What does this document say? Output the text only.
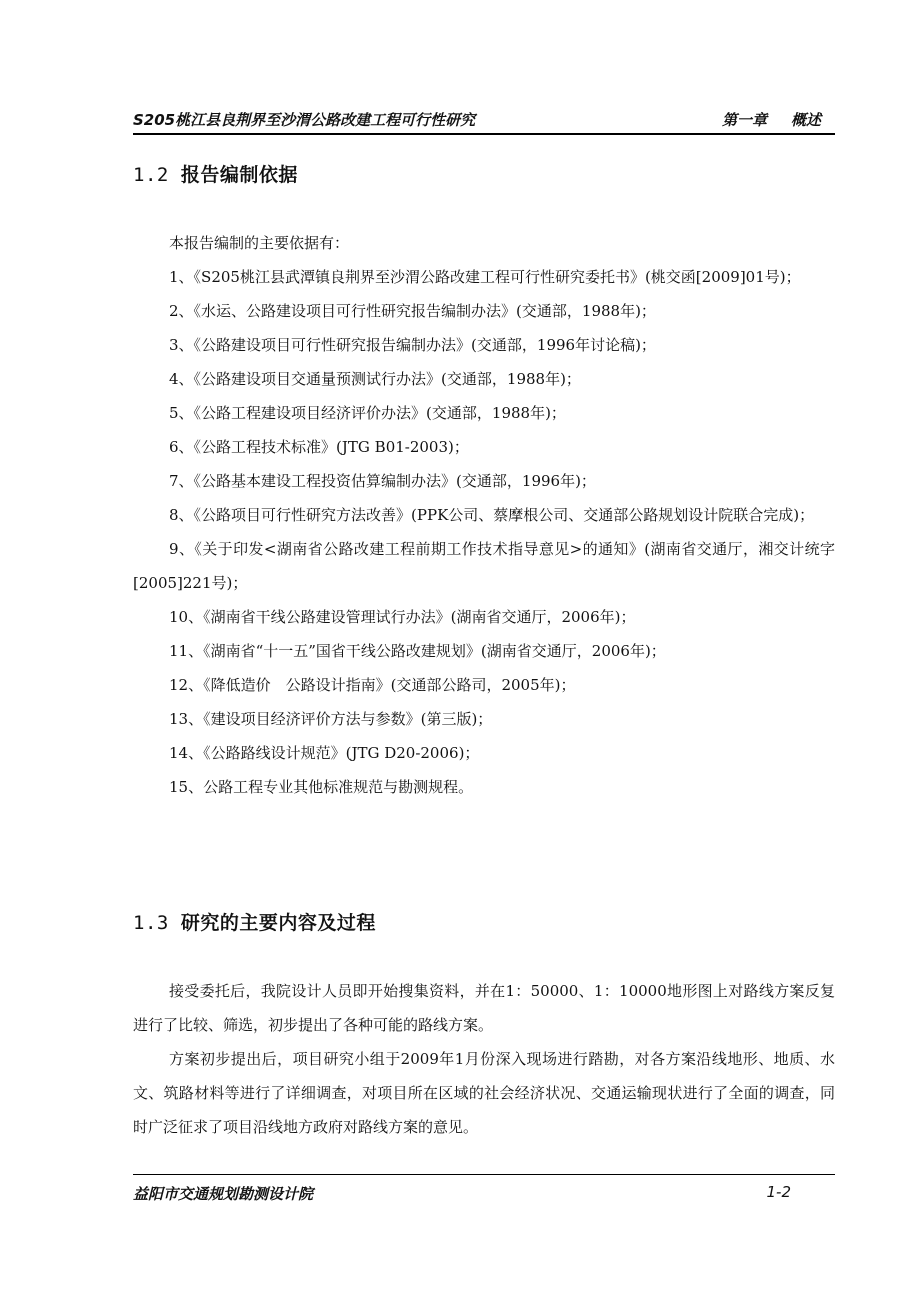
S205桃江县良荆界至沙渭公路改建工程可行性研究	第一章 概述
1.2 报告编制依据
本报告编制的主要依据有：
1、《S205桃江县武潭镇良荆界至沙渭公路改建工程可行性研究委托书》(桃交函[2009]01号)；
2、《水运、公路建设项目可行性研究报告编制办法》(交通部，1988年)；
3、《公路建设项目可行性研究报告编制办法》(交通部，1996年讨论稿)；
4、《公路建设项目交通量预测试行办法》(交通部，1988年)；
5、《公路工程建设项目经济评价办法》(交通部，1988年)；
6、《公路工程技术标准》(JTG B01-2003)；
7、《公路基本建设工程投资估算编制办法》(交通部，1996年)；
8、《公路项目可行性研究方法改善》(PPK公司、蔡摩根公司、交通部公路规划设计院联合完成)；
9、《关于印发<湖南省公路改建工程前期工作技术指导意见>的通知》(湖南省交通厅，湘交计统字[2005]221号)；
10、《湖南省干线公路建设管理试行办法》(湖南省交通厅，2006年)；
11、《湖南省“十一五”国省干线公路改建规划》(湖南省交通厅，2006年)；
12、《降低造价　公路设计指南》(交通部公路司，2005年)；
13、《建设项目经济评价方法与参数》(第三版)；
14、《公路路线设计规范》(JTG D20-2006)；
15、公路工程专业其他标准规范与勘测规程。
1.3 研究的主要内容及过程
接受委托后，我院设计人员即开始搜集资料，并在1：50000、1：10000地形图上对路线方案反复进行了比较、筛选，初步提出了各种可能的路线方案。
方案初步提出后，项目研究小组于2009年1月份深入现场进行踏勘，对各方案沿线地形、地质、水文、筑路材料等进行了详细调查，对项目所在区域的社会经济状况、交通运输现状进行了全面的调查，同时广泛征求了项目沿线地方政府对路线方案的意见。
益阳市交通规划勘测设计院	1-2
